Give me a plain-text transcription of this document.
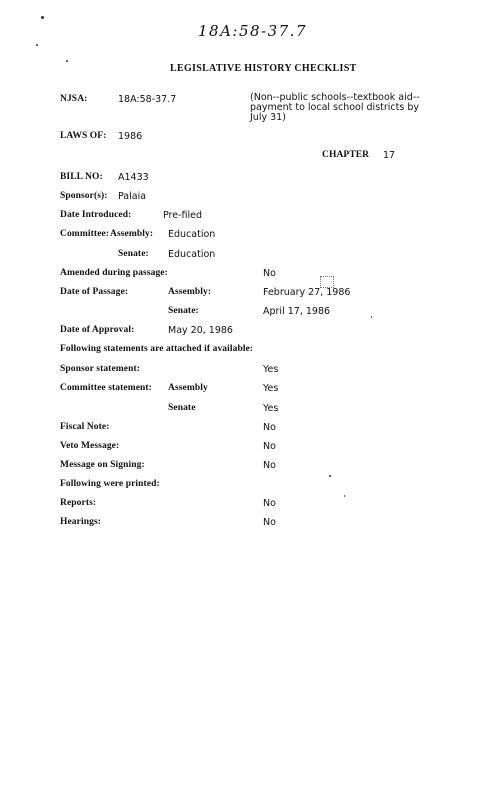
18A:58-37.7
LEGISLATIVE HISTORY CHECKLIST
NJSA:	18A:58-37.7	(Non--public schools--textbook aid--payment to local school districts by July 31)
LAWS OF: 1986
CHAPTER 17
BILL NO: A1433
Sponsor(s): Palaia
Date Introduced:	Pre-filed
Committee: Assembly: Education
Senate: Education
Amended during passage:	No
Date of Passage:	Assembly:	February 27, 1986
Senate:	April 17, 1986
Date of Approval:	May 20, 1986
Following statements are attached if available:
Sponsor statement:	Yes
Committee statement: Assembly	Yes
Senate	Yes
Fiscal Note:	No
Veto Message:	No
Message on Signing:	No
Following were printed:
Reports:	No
Hearings:	No
